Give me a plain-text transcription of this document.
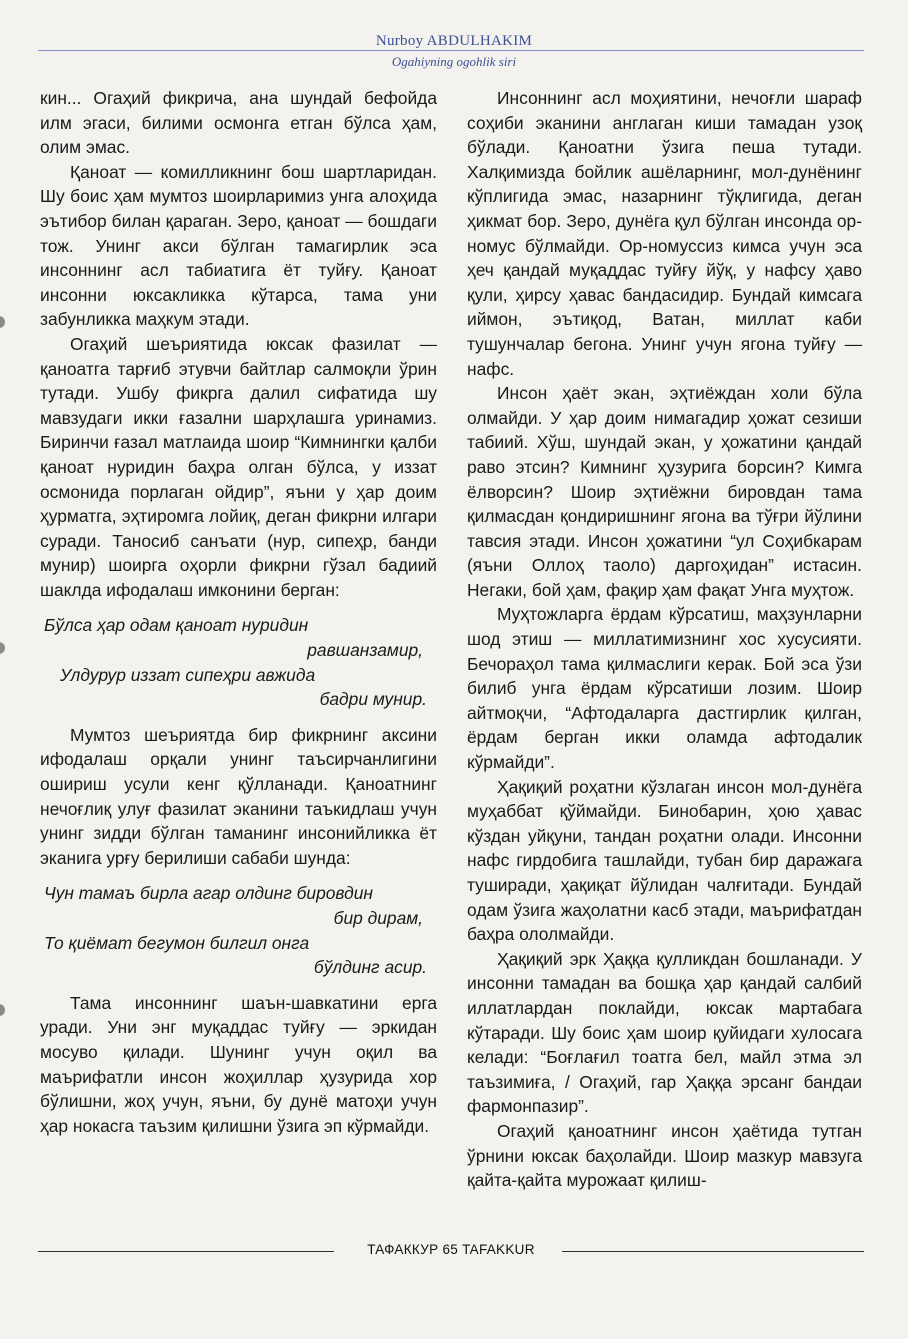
Nurboy ABDULHAKIM
Ogahiyning ogohlik siri

кин... Огаҳий фикрича, ана шундай бефойда илм эгаси, билими осмонга етган бўлса ҳам, олим эмас.

Қаноат — комилликнинг бош шартларидан. Шу боис ҳам мумтоз шоирларимиз унга алоҳида эътибор билан қараган. Зеро, қаноат — бошдаги тож. Унинг акси бўлган тамагирлик эса инсоннинг асл табиатига ёт туйғу. Қаноат инсонни юксакликка кўтарса, тама уни забунликка маҳкум этади.

Огаҳий шеъриятида юксак фазилат — қаноатга тарғиб этувчи байтлар салмоқли ўрин тутади. Ушбу фикрга далил сифатида шу мавзудаги икки ғазални шарҳлашга уринамиз. Биринчи ғазал матлаида шоир “Кимнингки қалби қаноат нуридин баҳра олган бўлса, у иззат осмонида порлаган ойдир”, яъни у ҳар доим ҳурматга, эҳтиромга лойиқ, деган фикрни илгари суради. Таносиб санъати (нур, сипеҳр, банди мунир) шоирга оҳорли фикрни гўзал бадиий шаклда ифодалаш имконини берган:

Бўлса ҳар одам қаноат нуридин
равшанзамир,
Улдурур иззат сипеҳри авжида
бадри мунир.

Мумтоз шеъриятда бир фикрнинг аксини ифодалаш орқали унинг таъсирчанлигини ошириш усули кенг қўлланади. Қаноатнинг нечоғлиқ улуғ фазилат эканини таъкидлаш учун унинг зидди бўлган таманинг инсонийликка ёт эканига урғу берилиши сабаби шунда:

Чун тамаъ бирла агар олдинг бировдин
бир дирам,
То қиёмат бегумон билгил онга
бўлдинг асир.

Тама инсоннинг шаън-шавкатини ерга уради. Уни энг муқаддас туйғу — эркидан мосуво қилади. Шунинг учун оқил ва маърифатли инсон жоҳиллар ҳузурида хор бўлишни, жоҳ учун, яъни, бу дунё матоҳи учун ҳар нокасга таъзим қилишни ўзига эп кўрмайди.

Инсоннинг асл моҳиятини, нечоғли шараф соҳиби эканини англаган киши тамадан узоқ бўлади. Қаноатни ўзига пеша тутади. Халқимизда бойлик ашёларнинг, мол-дунёнинг кўплигида эмас, назарнинг тўқлигида, деган ҳикмат бор. Зеро, дунёга қул бўлган инсонда ор-номус бўлмайди. Ор-номуссиз кимса учун эса ҳеч қандай муқаддас туйғу йўқ, у нафсу ҳаво қули, ҳирсу ҳавас бандасидир. Бундай кимсага иймон, эътиқод, Ватан, миллат каби тушунчалар бегона. Унинг учун ягона туйғу — нафс.

Инсон ҳаёт экан, эҳтиёждан холи бўла олмайди. У ҳар доим нимагадир ҳожат сезиши табиий. Хўш, шундай экан, у ҳожатини қандай раво этсин? Кимнинг ҳузурига борсин? Кимга ёлворсин? Шоир эҳтиёжни бировдан тама қилмасдан қондиришнинг ягона ва тўғри йўлини тавсия этади. Инсон ҳожатини “ул Соҳибкарам (яъни Оллоҳ таоло) даргоҳидан” истасин. Негаки, бой ҳам, фақир ҳам фақат Унга муҳтож.

Муҳтожларга ёрдам кўрсатиш, маҳзунларни шод этиш — миллатимизнинг хос хусусияти. Бечораҳол тама қилмаслиги керак. Бой эса ўзи билиб унга ёрдам кўрсатиши лозим. Шоир айтмоқчи, “Афтодаларга дастгирлик қилган, ёрдам берган икки оламда афтодалик кўрмайди”.

Ҳақиқий роҳатни кўзлаган инсон мол-дунёга муҳаббат қўймайди. Бинобарин, ҳою ҳавас кўздан уйқуни, тандан роҳатни олади. Инсонни нафс гирдобига ташлайди, тубан бир даражага туширади, ҳақиқат йўлидан чалғитади. Бундай одам ўзига жаҳолатни касб этади, маърифатдан баҳра ололмайди.

Ҳақиқий эрк Ҳаққа қулликдан бошланади. У инсонни тамадан ва бошқа ҳар қандай салбий иллатлардан поклайди, юксак мартабага кўтаради. Шу боис ҳам шоир қуйидаги хулосага келади: “Боғлағил тоатга бел, майл этма эл таъзимиға, / Огаҳий, гар Ҳаққа эрсанг бандаи фармонпазир”.

Огаҳий қаноатнинг инсон ҳаётида тутган ўрнини юксак баҳолайди. Шоир мазкур мавзуга қайта-қайта мурожаат қилиш-

ТАФАККУР 65 TAFAKKUR
